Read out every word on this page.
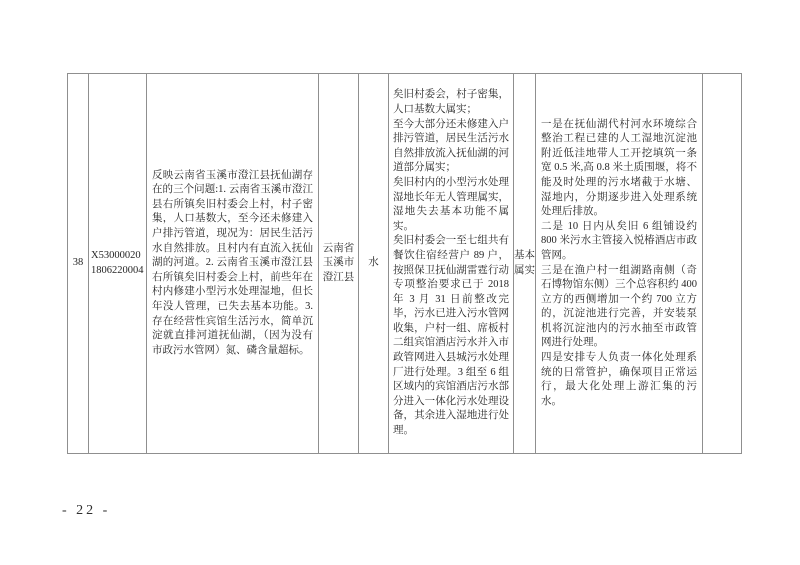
38

X530000201806220004

反映云南省玉溪市澄江县抚仙湖存在的三个问题:1. 云南省玉溪市澄江县右所镇矣旧村委会上村，村子密集，人口基数大，至今还未修建入户排污管道，现况为：居民生活污水自然排放。且村内有直流入抚仙湖的河道。2. 云南省玉溪市澄江县右所镇矣旧村委会上村，前些年在村内修建小型污水处理湿地，但长年没人管理，已失去基本功能。3. 存在经营性宾馆生活污水，简单沉淀就直排河道抚仙湖，（因为没有市政污水管网）氮、磷含量超标。

云南省

玉溪市

澄江县

水

矣旧村委会，村子密集，人口基数大属实；

至今大部分还未修建入户排污管道，居民生活污水自然排放流入抚仙湖的河道部分属实；

矣旧村内的小型污水处理湿地长年无人管理属实，湿地失去基本功能不属实。

矣旧村委会一至七组共有餐饮住宿经营户 89 户，按照保卫抚仙湖雷霆行动专项整治要求已于 2018 年 3 月 31 日前整改完毕，污水已进入污水管网收集，户村一组、席板村二组宾馆酒店污水并入市政管网进入县城污水处理厂进行处理。3 组至 6 组区域内的宾馆酒店污水部分进入一体化污水处理设备，其余进入湿地进行处理。

基本

属实

一是在抚仙湖代村河水环境综合整治工程已建的人工湿地沉淀池附近低洼地带人工开挖填筑一条宽 0.5 米,高 0.8 米土质围堰，将不能及时处理的污水堵截于水塘、湿地内，分期逐步进入处理系统处理后排放。

二是 10 日内从矣旧 6 组铺设约 800 米污水主管接入悦椿酒店市政管网。

三是在渔户村一组湖路南侧（奇石博物馆东侧）三个总容积约 400 立方的西侧增加一个约 700 立方的，沉淀池进行完善，并安装泵机将沉淀池内的污水抽至市政管网进行处理。

四是安排专人负责一体化处理系统的日常管护，确保项目正常运行，最大化处理上游汇集的污水。

- 22 -
